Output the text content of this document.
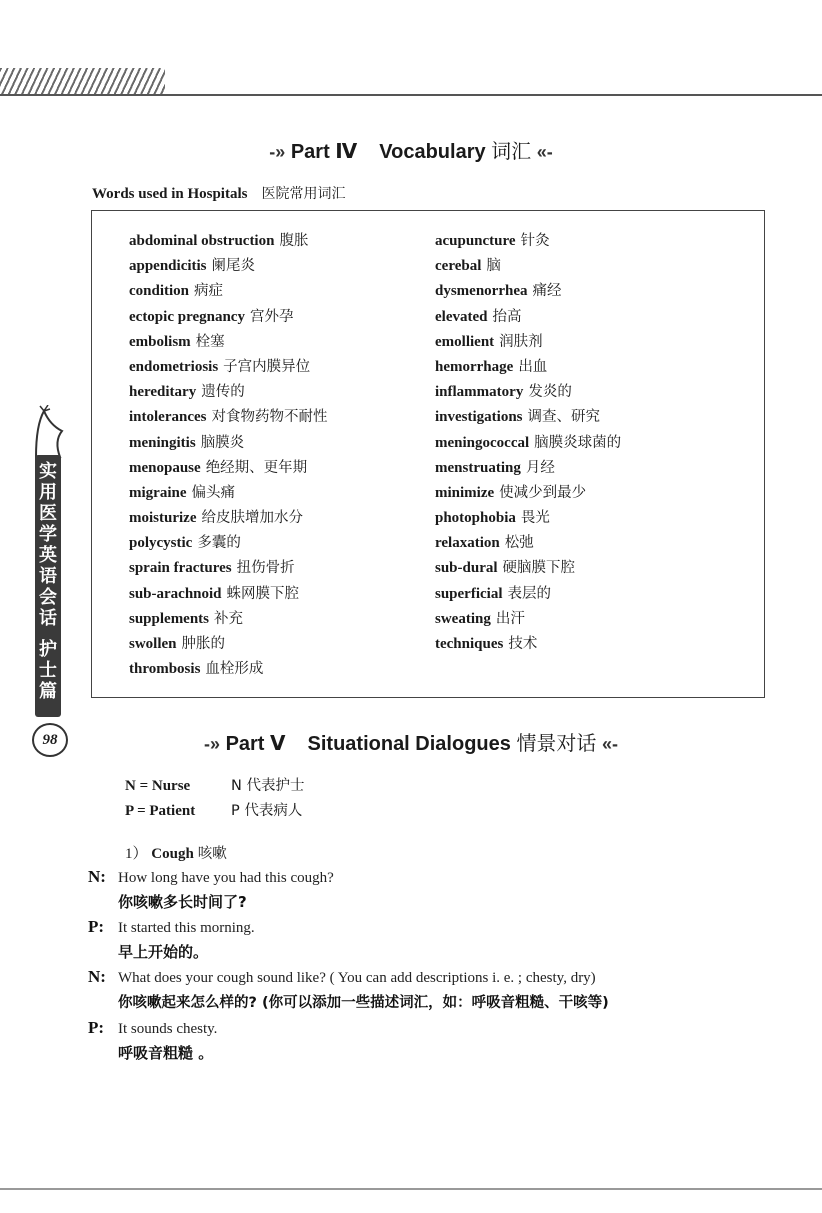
-» Part Ⅳ Vocabulary 词汇 «-
Words used in Hospitals 医院常用词汇
abdominal obstruction 腹胀
appendicitis 阑尾炎
condition 病症
ectopic pregnancy 宫外孕
embolism 栓塞
endometriosis 子宫内膜异位
hereditary 遗传的
intolerances 对食物药物不耐性
meningitis 脑膜炎
menopause 绝经期、更年期
migraine 偏头痛
moisturize 给皮肤增加水分
polycystic 多囊的
sprain fractures 扭伤骨折
sub-arachnoid 蛛网膜下腔
supplements 补充
swollen 肿胀的
thrombosis 血栓形成
acupuncture 针灸
cerebal 脑
dysmenorrhea 痛经
elevated 抬高
emollient 润肤剂
hemorrhage 出血
inflammatory 发炎的
investigations 调查、研究
meningococcal 脑膜炎球菌的
menstruating 月经
minimize 使减少到最少
photophobia 畏光
relaxation 松弛
sub-dural 硬脑膜下腔
superficial 表层的
sweating 出汗
techniques 技术
-» Part Ⅴ Situational Dialogues 情景对话 «-
N = Nurse	N 代表护士
P = Patient P 代表病人
1） Cough 咳嗽
N: How long have you had this cough?
你咳嗽多长时间了?
P: It started this morning.
早上开始的。
N: What does your cough sound like? ( You can add descriptions i. e. ; chesty, dry)
你咳嗽起来怎么样的? (你可以添加一些描述词汇，如：呼吸音粗糙、干咳等)
P: It sounds chesty.
呼吸音粗糙 。
实用医学英语会话
护士篇
98
